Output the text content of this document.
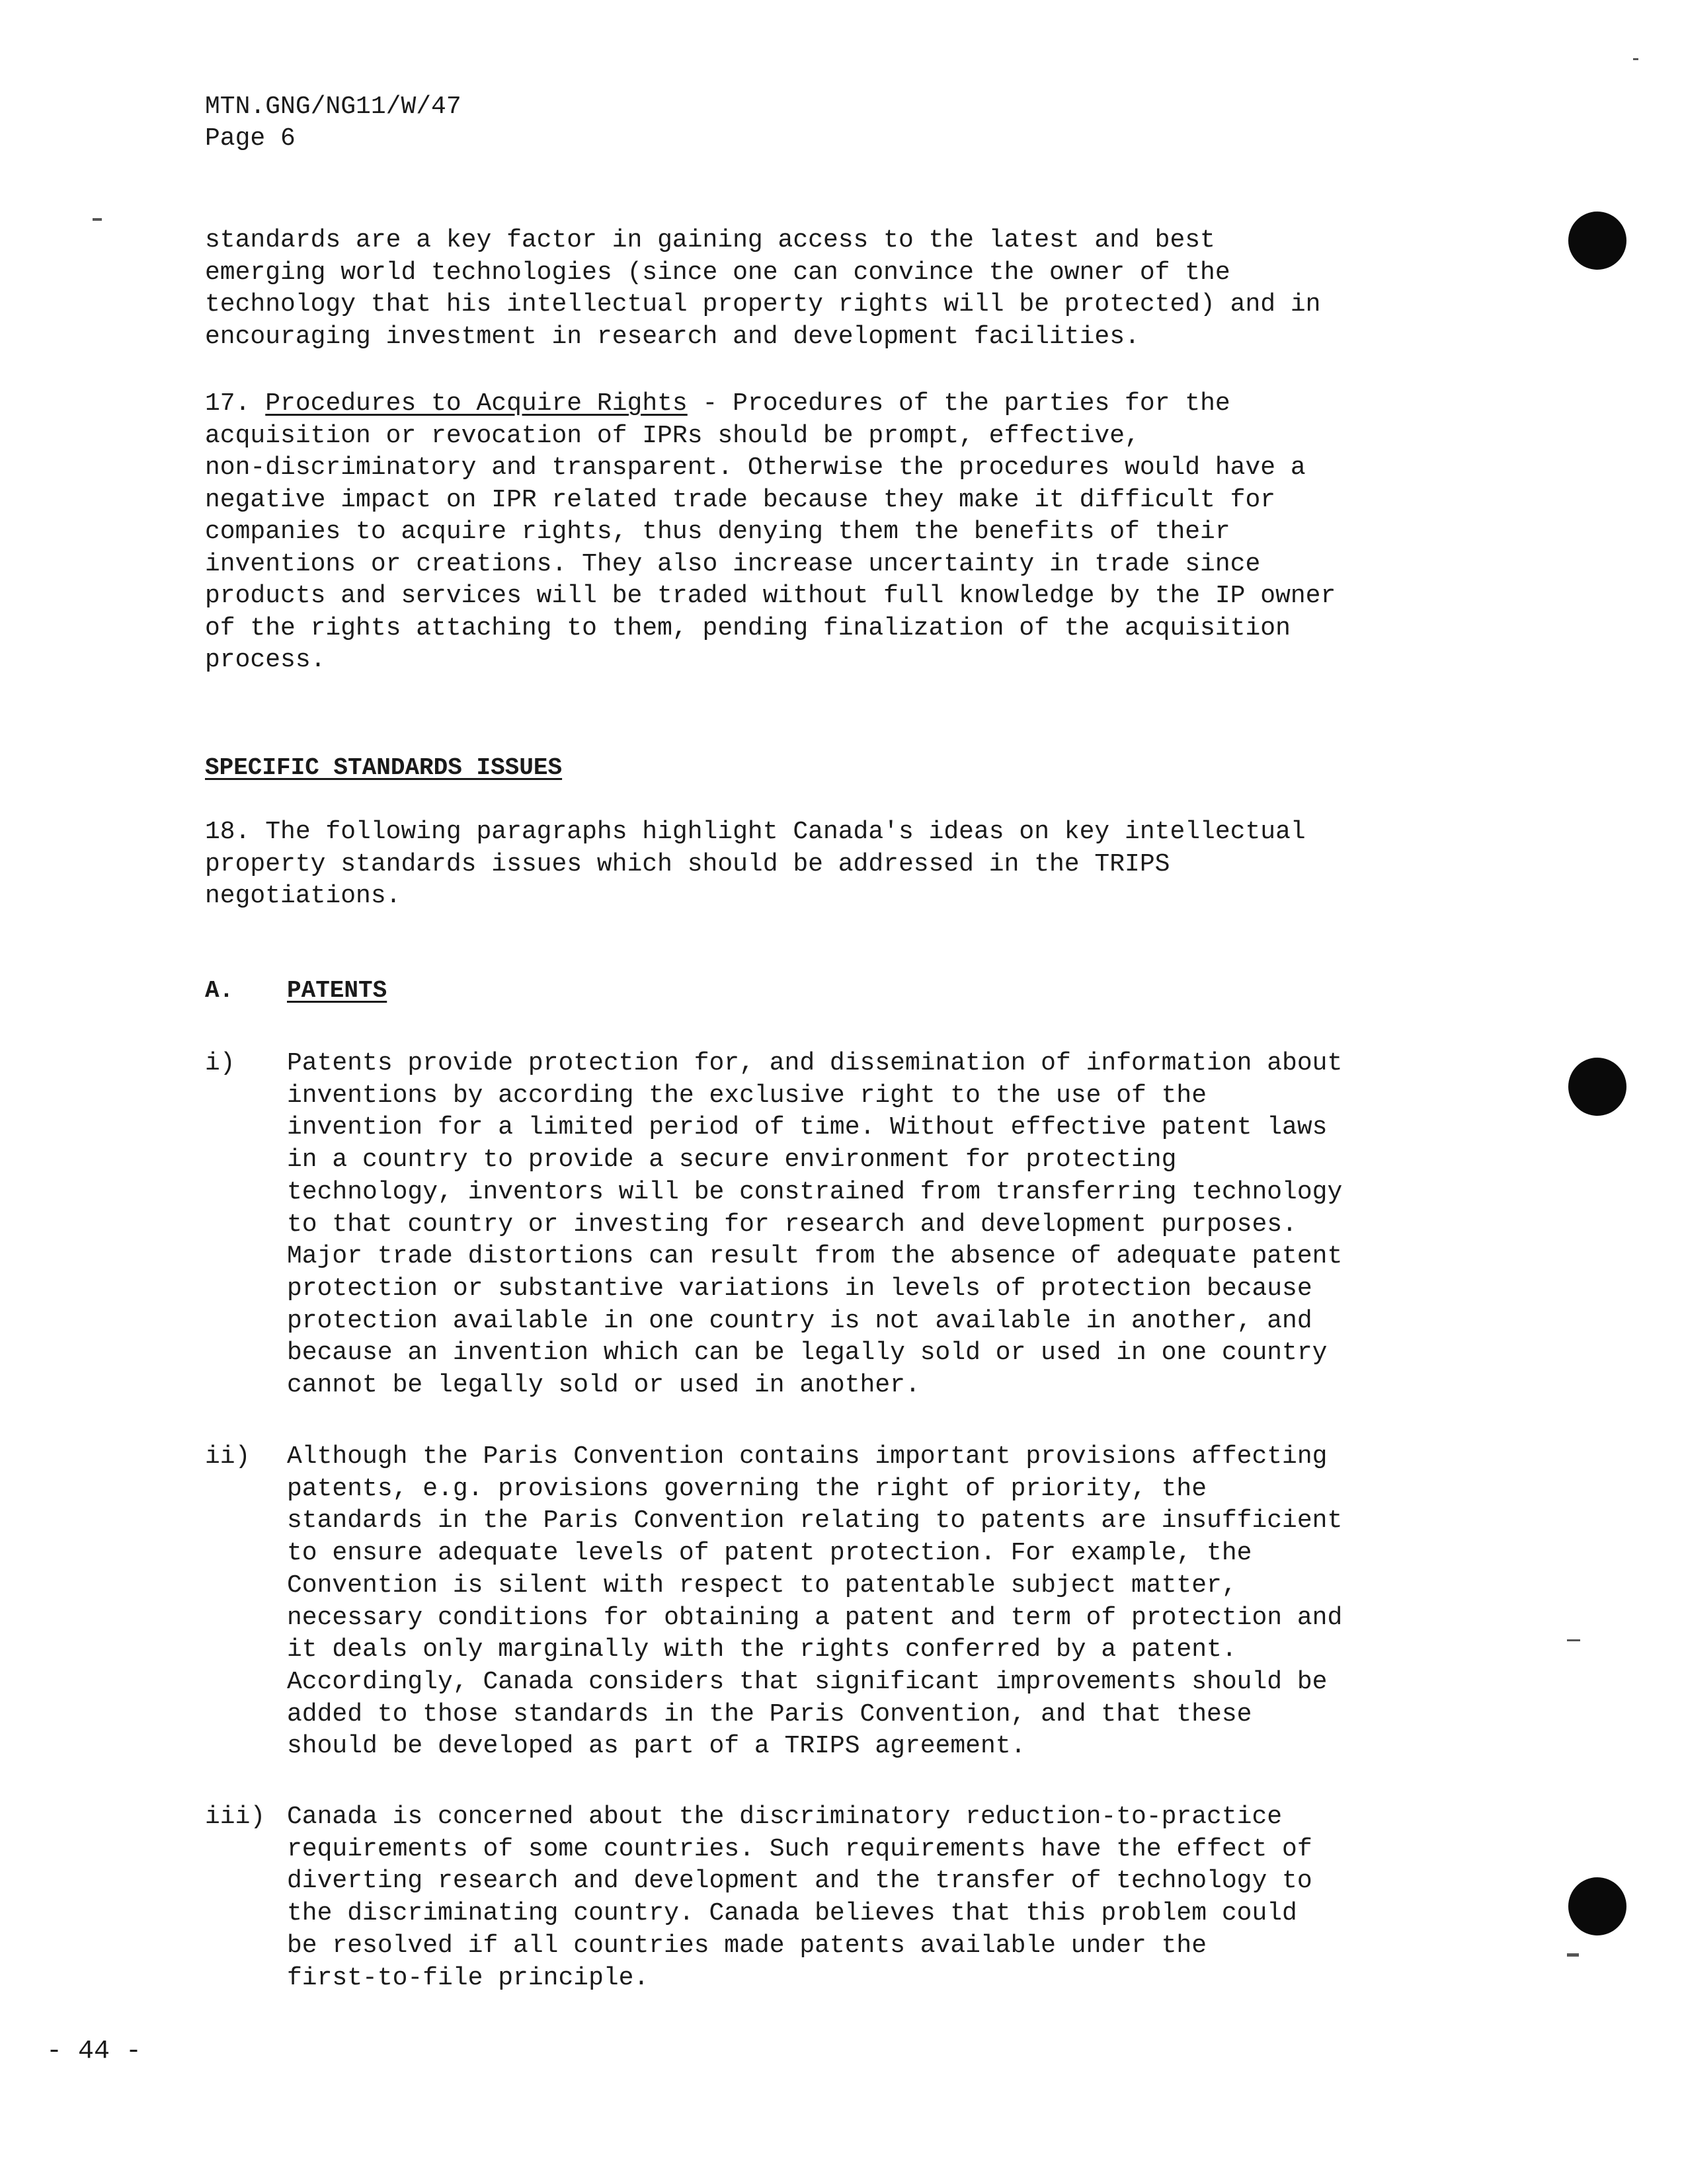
MTN.GNG/NG11/W/47
Page 6
standards are a key factor in gaining access to the latest and best
emerging world technologies (since one can convince the owner of the
technology that his intellectual property rights will be protected) and in
encouraging investment in research and development facilities.
17. Procedures to Acquire Rights - Procedures of the parties for the
acquisition or revocation of IPRs should be prompt, effective,
non-discriminatory and transparent. Otherwise the procedures would have a
negative impact on IPR related trade because they make it difficult for
companies to acquire rights, thus denying them the benefits of their
inventions or creations. They also increase uncertainty in trade since
products and services will be traded without full knowledge by the IP owner
of the rights attaching to them, pending finalization of the acquisition
process.
SPECIFIC STANDARDS ISSUES
18. The following paragraphs highlight Canada's ideas on key intellectual
property standards issues which should be addressed in the TRIPS
negotiations.
A. PATENTS
i)	Patents provide protection for, and dissemination of information about
inventions by according the exclusive right to the use of the
invention for a limited period of time. Without effective patent laws
in a country to provide a secure environment for protecting
technology, inventors will be constrained from transferring technology
to that country or investing for research and development purposes.
Major trade distortions can result from the absence of adequate patent
protection or substantive variations in levels of protection because
protection available in one country is not available in another, and
because an invention which can be legally sold or used in one country
cannot be legally sold or used in another.
ii)	Although the Paris Convention contains important provisions affecting
patents, e.g. provisions governing the right of priority, the
standards in the Paris Convention relating to patents are insufficient
to ensure adequate levels of patent protection. For example, the
Convention is silent with respect to patentable subject matter,
necessary conditions for obtaining a patent and term of protection and
it deals only marginally with the rights conferred by a patent.
Accordingly, Canada considers that significant improvements should be
added to those standards in the Paris Convention, and that these
should be developed as part of a TRIPS agreement.
iii) Canada is concerned about the discriminatory reduction-to-practice
requirements of some countries. Such requirements have the effect of
diverting research and development and the transfer of technology to
the discriminating country. Canada believes that this problem could
be resolved if all countries made patents available under the
first-to-file principle.
- 44 -
